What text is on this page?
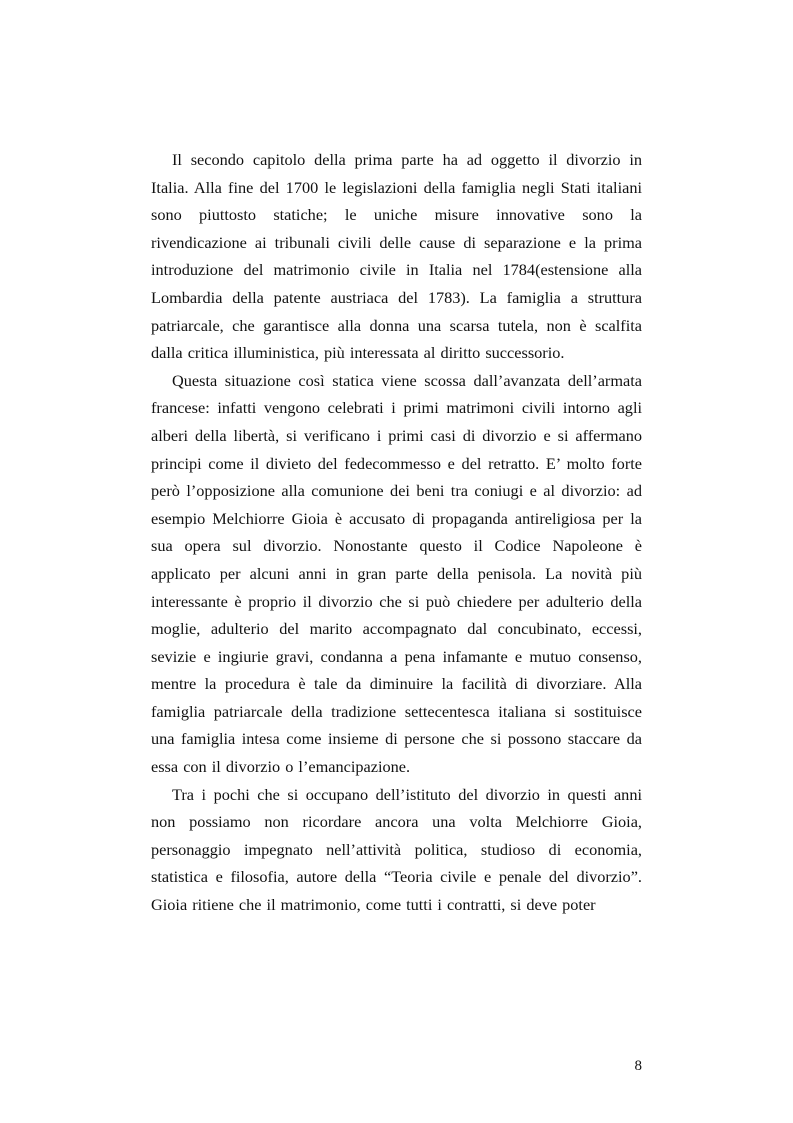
Il secondo capitolo della prima parte ha ad oggetto il divorzio in Italia. Alla fine del 1700 le legislazioni della famiglia negli Stati italiani sono piuttosto statiche; le uniche misure innovative sono la rivendicazione ai tribunali civili delle cause di separazione e la prima introduzione del matrimonio civile in Italia nel 1784(estensione alla Lombardia della patente austriaca del 1783). La famiglia a struttura patriarcale, che garantisce alla donna una scarsa tutela, non è scalfita dalla critica illuministica, più interessata al diritto successorio.

Questa situazione così statica viene scossa dall’avanzata dell’armata francese: infatti vengono celebrati i primi matrimoni civili intorno agli alberi della libertà, si verificano i primi casi di divorzio e si affermano principi come il divieto del fedecommesso e del retratto. E’ molto forte però l’opposizione alla comunione dei beni tra coniugi e al divorzio: ad esempio Melchiorre Gioia è accusato di propaganda antireligiosa per la sua opera sul divorzio. Nonostante questo il Codice Napoleone è applicato per alcuni anni in gran parte della penisola. La novità più interessante è proprio il divorzio che si può chiedere per adulterio della moglie, adulterio del marito accompagnato dal concubinato, eccessi, sevizie e ingiurie gravi, condanna a pena infamante e mutuo consenso, mentre la procedura è tale da diminuire la facilità di divorziare. Alla famiglia patriarcale della tradizione settecentesca italiana si sostituisce una famiglia intesa come insieme di persone che si possono staccare da essa con il divorzio o l’emancipazione.

Tra i pochi che si occupano dell’istituto del divorzio in questi anni non possiamo non ricordare ancora una volta Melchiorre Gioia, personaggio impegnato nell’attività politica, studioso di economia, statistica e filosofia, autore della “Teoria civile e penale del divorzio”. Gioia ritiene che il matrimonio, come tutti i contratti, si deve poter

8
